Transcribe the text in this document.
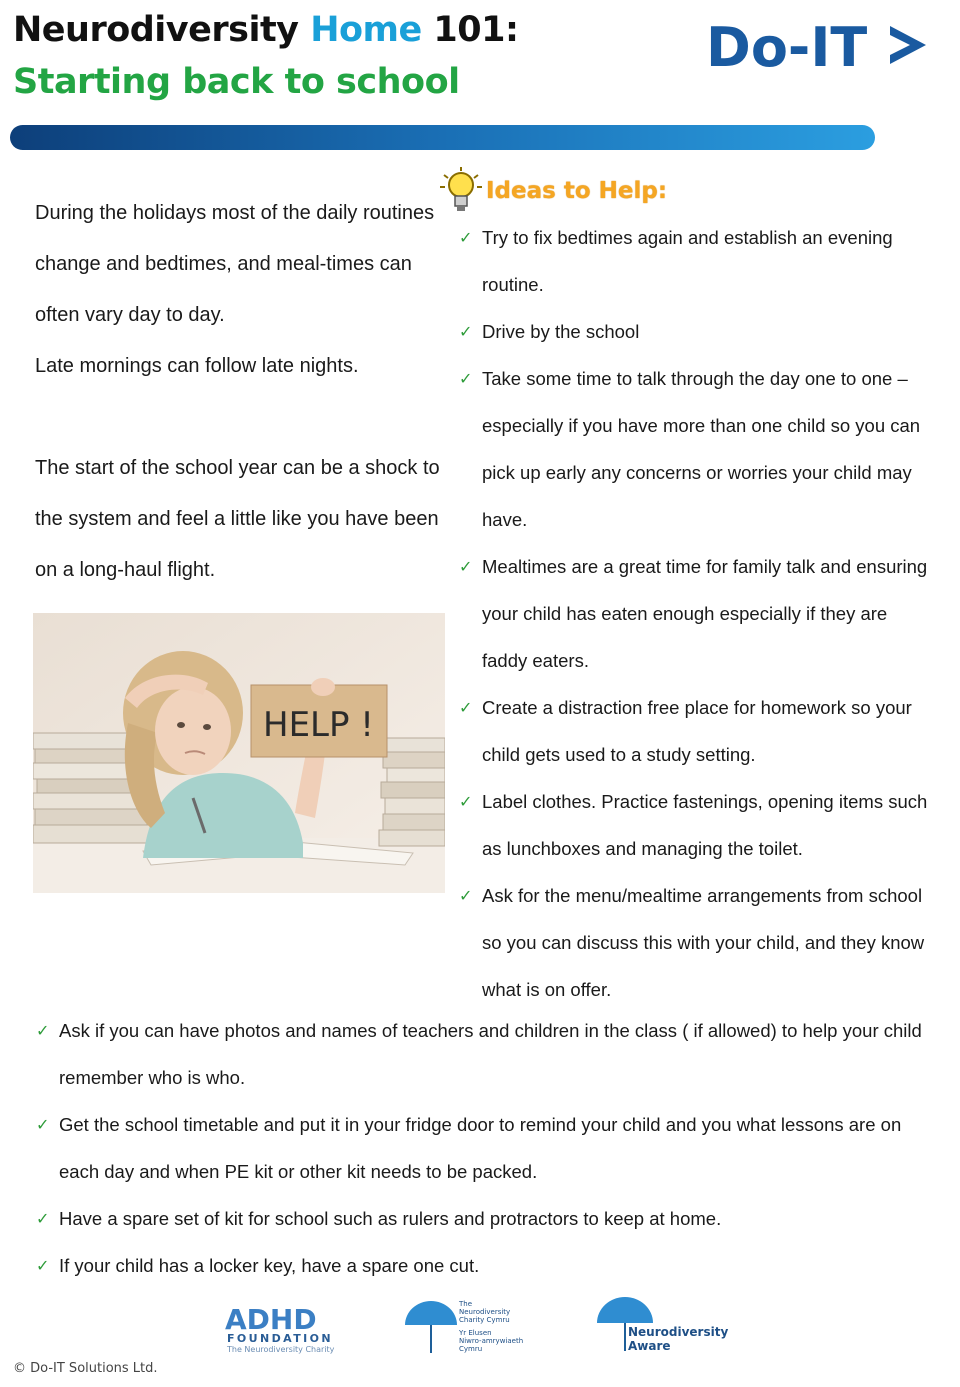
Neurodiversity Home 101:
Starting back to school
Do-IT

During the holidays most of the daily routines change and bedtimes, and meal-times can often vary day to day.

Late mornings can follow late nights.

The start of the school year can be a shock to the system and feel a little like you have been on a long-haul flight.

HELP !
Ideas to Help:
✓ Try to fix bedtimes again and establish an evening routine.
✓ Drive by the school
✓ Take some time to talk through the day one to one – especially if you have more than one child so you can pick up early any concerns or worries your child may have.
✓ Mealtimes are a great time for family talk and ensuring your child has eaten enough especially if they are faddy eaters.
✓ Create a distraction free place for homework so your child gets used to a study setting.
✓ Label clothes. Practice fastenings, opening items such as lunchboxes and managing the toilet.
✓ Ask for the menu/mealtime arrangements from school so you can discuss this with your child, and they know what is on offer.
✓ Ask if you can have photos and names of teachers and children in the class ( if allowed) to help your child remember who is who.
✓ Get the school timetable and put it in your fridge door to remind your child and you what lessons are on each day and when PE kit or other kit needs to be packed.
✓ Have a spare set of kit for school such as rulers and protractors to keep at home.
✓ If your child has a locker key, have a spare one cut.
ADHD
FOUNDATION
The Neurodiversity Charity
The
Neurodiversity
Charity Cymru
Yr Elusen
Niwro-amrywiaeth
Cymru
Neurodiversity
Aware
© Do-IT Solutions Ltd.
